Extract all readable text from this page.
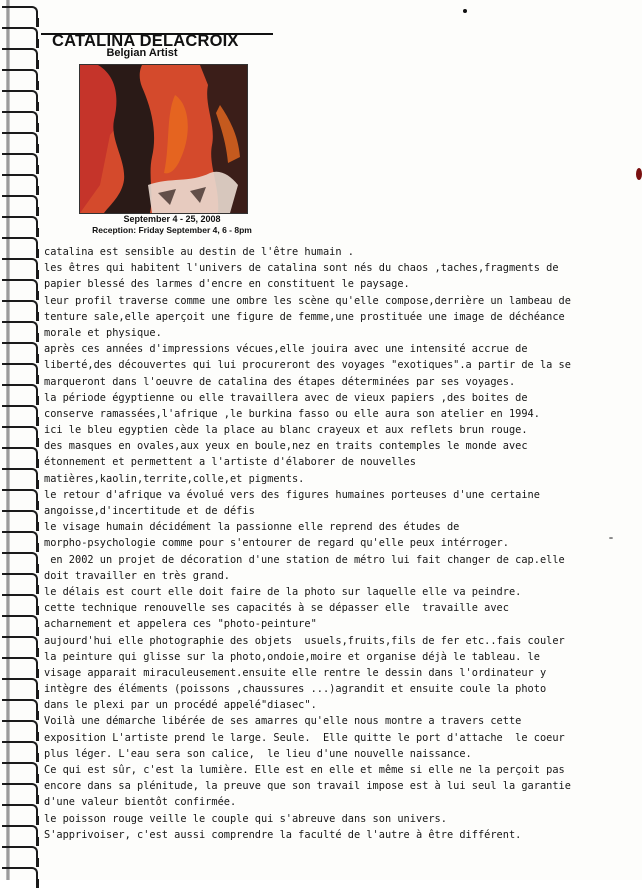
CATALINA DELACROIX
Belgian Artist
September 4 - 25, 2008
Reception: Friday September 4, 6 - 8pm
catalina est sensible au destin de l'être humain .
les êtres qui habitent l'univers de catalina sont nés du chaos ,taches,fragments de
papier blessé des larmes d'encre en constituent le paysage.
leur profil traverse comme une ombre les scène qu'elle compose,derrière un lambeau de
tenture sale,elle aperçoit une figure de femme,une prostituée une image de déchéance
morale et physique.
après ces années d'impressions vécues,elle jouira avec une intensité accrue de
liberté,des découvertes qui lui procureront des voyages "exotiques".a partir de la se
marqueront dans l'oeuvre de catalina des étapes déterminées par ses voyages.
la période égyptienne ou elle travaillera avec de vieux papiers ,des boites de
conserve ramassées,l'afrique ,le burkina fasso ou elle aura son atelier en 1994.
ici le bleu egyptien cède la place au blanc crayeux et aux reflets brun rouge.
des masques en ovales,aux yeux en boule,nez en traits contemples le monde avec
étonnement et permettent a l'artiste d'élaborer de nouvelles
matières,kaolin,territe,colle,et pigments.
le retour d'afrique va évolué vers des figures humaines porteuses d'une certaine
angoisse,d'incertitude et de défis
le visage humain décidément la passionne elle reprend des études de
morpho-psychologie comme pour s'entourer de regard qu'elle peux intérroger.
en 2002 un projet de décoration d'une station de métro lui fait changer de cap.elle
doit travailler en très grand.
le délais est court elle doit faire de la photo sur laquelle elle va peindre.
cette technique renouvelle ses capacités à se dépasser elle  travaille avec
acharnement et appelera ces "photo-peinture"
aujourd'hui elle photographie des objets  usuels,fruits,fils de fer etc..fais couler
la peinture qui glisse sur la photo,ondoie,moire et organise déjà le tableau. le
visage apparait miraculeusement.ensuite elle rentre le dessin dans l'ordinateur y
intègre des éléments (poissons ,chaussures ...)agrandit et ensuite coule la photo
dans le plexi par un procédé appelé"diasec".
Voilà une démarche libérée de ses amarres qu'elle nous montre a travers cette
exposition L'artiste prend le large. Seule.  Elle quitte le port d'attache  le coeur
plus léger. L'eau sera son calice,  le lieu d'une nouvelle naissance.
Ce qui est sûr, c'est la lumière. Elle est en elle et même si elle ne la perçoit pas
encore dans sa plénitude, la preuve que son travail impose est à lui seul la garantie
d'une valeur bientôt confirmée.
le poisson rouge veille le couple qui s'abreuve dans son univers.
S'apprivoiser, c'est aussi comprendre la faculté de l'autre à être différent.
